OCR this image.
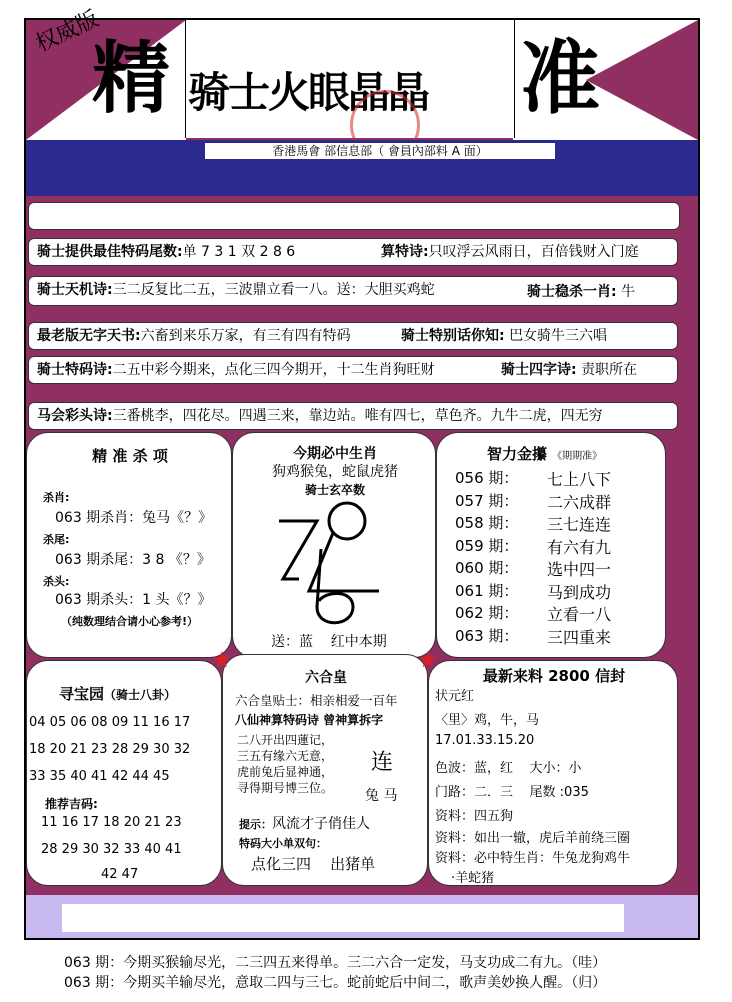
权威版
精 骑士火眼晶晶 准
香港馬會 部信息部（ 會員內部料 A 面）
骑士提供最佳特码尾数:单 7 3 1 双 2 8 6	算特诗:只叹浮云风雨日，百倍钱财入门庭
骑士天机诗:三二反复比二五，三波鼎立看一八。送：大胆买鸡蛇	骑士稳杀一肖: 牛
最老版无字天书:六畜到来乐万家，有三有四有特码	骑士特别话你知: 巴女骑牛三六唱
骑士特码诗:二五中彩今期来，点化三四今期开，十二生肖狗旺财	骑士四字诗: 责职所在
马会彩头诗:三番桃李，四花尽。四遇三来，靠边站。唯有四七，草色齐。九牛二虎，四无穷
精 准 杀 项
杀肖:
063 期杀肖：兔马《？》
杀尾:
063 期杀尾：3 8 《？》
杀头:
063 期杀头：1 头《？》
（纯数理结合请小心参考!）
今期必中生肖
狗鸡猴兔，蛇鼠虎猪
骑士玄卒数
送：蓝    红中本期
智力金攥 《期期准》
056 期： 七上八下
057 期： 二六成群
058 期： 三七连连
059 期： 有六有九
060 期： 选中四一
061 期： 马到成功
062 期： 立看一八
063 期： 三四重来
寻宝园（骑士八卦）
04 05 06 08 09 11 16 17
18 20 21 23 28 29 30 32
33 35 40 41 42 44 45
推荐吉码:
11 16 17 18 20 21 23
28 29 30 32 33 40 41
42 47
六合皇
六合皇贴士：相亲相爱一百年
八仙神算特码诗 曾神算拆字
二八开出四蓮记，
三五有缘六无意，
虎前兔后显神通，
寻得期号博三位。
连
兔 马
提示：风流才子俏佳人
特码大小单双句：
点化三四    出猪单
最新来料 2800 信封
状元红
〈里〉鸡，牛，马
17.01.33.15.20
色波：蓝，红    大小：小
门路：二．三    尾数 :035
资料：四五狗
资料：如出一辙，虎后羊前绕三圈
资料：必中特生肖：牛兔龙狗鸡牛
·羊蛇猪
★	★
063 期：今期买猴输尽光，二三四五来得单。三二六合一定发，马支功成二有九。（哇）
063 期：今期买羊输尽光，意取二四与三七。蛇前蛇后中间二，歌声美妙换人醒。（归）
